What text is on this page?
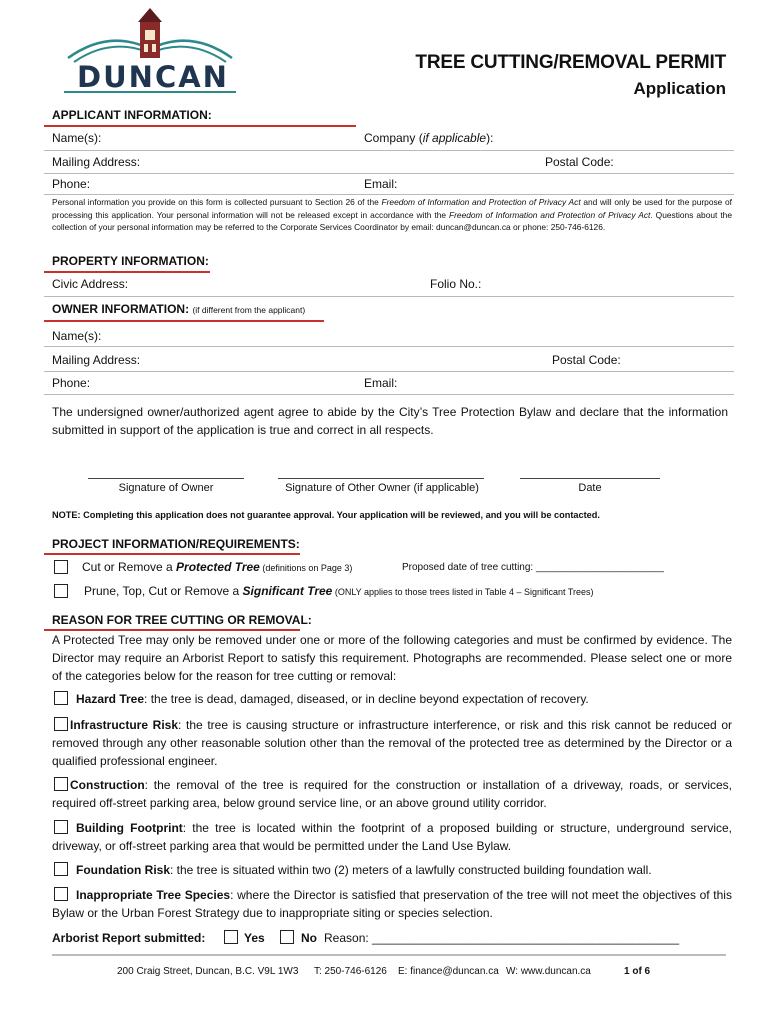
DUNCAN	TREE CUTTING/REMOVAL PERMIT
Application
APPLICANT INFORMATION:
Name(s):	Company (if applicable):
Mailing Address:	Postal Code:
Phone:	Email:
Personal information you provide on this form is collected pursuant to Section 26 of the Freedom of Information and Protection of Privacy Act and will only be used for the purpose of processing this application. Your personal information will not be released except in accordance with the Freedom of Information and Protection of Privacy Act. Questions about the collection of your personal information may be referred to the Corporate Services Coordinator by email: duncan@duncan.ca or phone: 250-746-6126.
PROPERTY INFORMATION:
Civic Address:	Folio No.:
OWNER INFORMATION: (if different from the applicant)
Name(s):
Mailing Address:	Postal Code:
Phone:	Email:
The undersigned owner/authorized agent agree to abide by the City’s Tree Protection Bylaw and declare that the information submitted in support of the application is true and correct in all respects.
Signature of Owner	Signature of Other Owner (if applicable)	Date
NOTE: Completing this application does not guarantee approval. Your application will be reviewed, and you will be contacted.
PROJECT INFORMATION/REQUIREMENTS:
Cut or Remove a Protected Tree (definitions on Page 3)	Proposed date of tree cutting: _______________________
Prune, Top, Cut or Remove a Significant Tree (ONLY applies to those trees listed in Table 4 – Significant Trees)
REASON FOR TREE CUTTING OR REMOVAL:
A Protected Tree may only be removed under one or more of the following categories and must be confirmed by evidence. The Director may require an Arborist Report to satisfy this requirement. Photographs are recommended. Please select one or more of the categories below for the reason for tree cutting or removal:
Hazard Tree: the tree is dead, damaged, diseased, or in decline beyond expectation of recovery.
Infrastructure Risk: the tree is causing structure or infrastructure interference, or risk and this risk cannot be reduced or removed through any other reasonable solution other than the removal of the protected tree as determined by the Director or a qualified professional engineer.
Construction: the removal of the tree is required for the construction or installation of a driveway, roads, or services, required off-street parking area, below ground service line, or an above ground utility corridor.
Building Footprint: the tree is located within the footprint of a proposed building or structure, underground service, driveway, or off-street parking area that would be permitted under the Land Use Bylaw.
Foundation Risk: the tree is situated within two (2) meters of a lawfully constructed building foundation wall.
Inappropriate Tree Species: where the Director is satisfied that preservation of the tree will not meet the objectives of this Bylaw or the Urban Forest Strategy due to inappropriate siting or species selection.
Arborist Report submitted:	Yes	No Reason: ______________________________________________
200 Craig Street, Duncan, B.C. V9L 1W3 T: 250-746-6126 E: finance@duncan.ca W: www.duncan.ca	1 of 6
